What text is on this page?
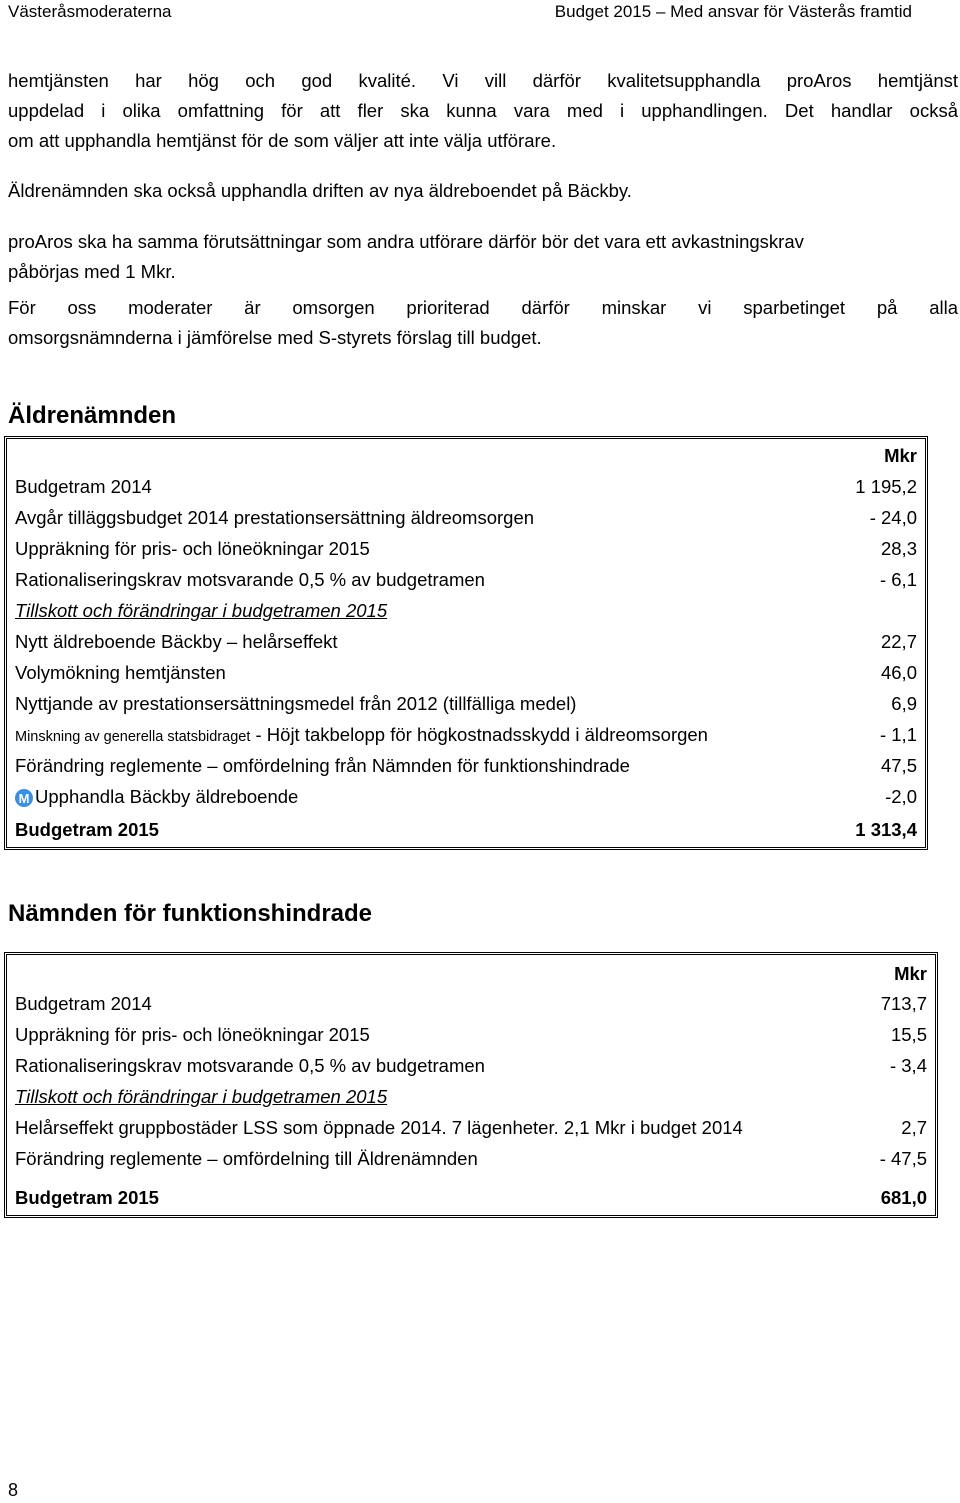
Västeråsmoderaterna	Budget 2015 – Med ansvar för Västerås framtid

hemtjänsten har hög och god kvalité. Vi vill därför kvalitetsupphandla proAros hemtjänst

uppdelad i olika omfattning för att fler ska kunna vara med i upphandlingen. Det handlar också

om att upphandla hemtjänst för de som väljer att inte välja utförare.

Äldrenämnden ska också upphandla driften av nya äldreboendet på Bäckby.

proAros ska ha samma förutsättningar som andra utförare därför bör det vara ett avkastningskrav

påbörjas med 1 Mkr.

För oss moderater är omsorgen prioriterad därför minskar vi sparbetinget på alla

omsorgsnämnderna i jämförelse med S-styrets förslag till budget.

Äldrenämnden
Mkr
Budgetram 2014	1 195,2
Avgår tilläggsbudget 2014 prestationsersättning äldreomsorgen	- 24,0
Uppräkning för pris- och löneökningar 2015	28,3
Rationaliseringskrav motsvarande 0,5 % av budgetramen	- 6,1
Tillskott och förändringar i budgetramen 2015
Nytt äldreboende Bäckby – helårseffekt	22,7
Volymökning hemtjänsten	46,0
Nyttjande av prestationsersättningsmedel från 2012 (tillfälliga medel)	6,9
Minskning av generella statsbidraget - Höjt takbelopp för högkostnadsskydd i äldreomsorgen	- 1,1
Förändring reglemente – omfördelning från Nämnden för funktionshindrade	47,5
M Upphandla Bäckby äldreboende	-2,0
Budgetram 2015	1 313,4
Nämnden för funktionshindrade
Mkr
Budgetram 2014	713,7
Uppräkning för pris- och löneökningar 2015	15,5
Rationaliseringskrav motsvarande 0,5 % av budgetramen	- 3,4
Tillskott och förändringar i budgetramen 2015
Helårseffekt gruppbostäder LSS som öppnade 2014. 7 lägenheter. 2,1 Mkr i budget 2014	2,7
Förändring reglemente – omfördelning till Äldrenämnden	- 47,5
Budgetram 2015	681,0
8
